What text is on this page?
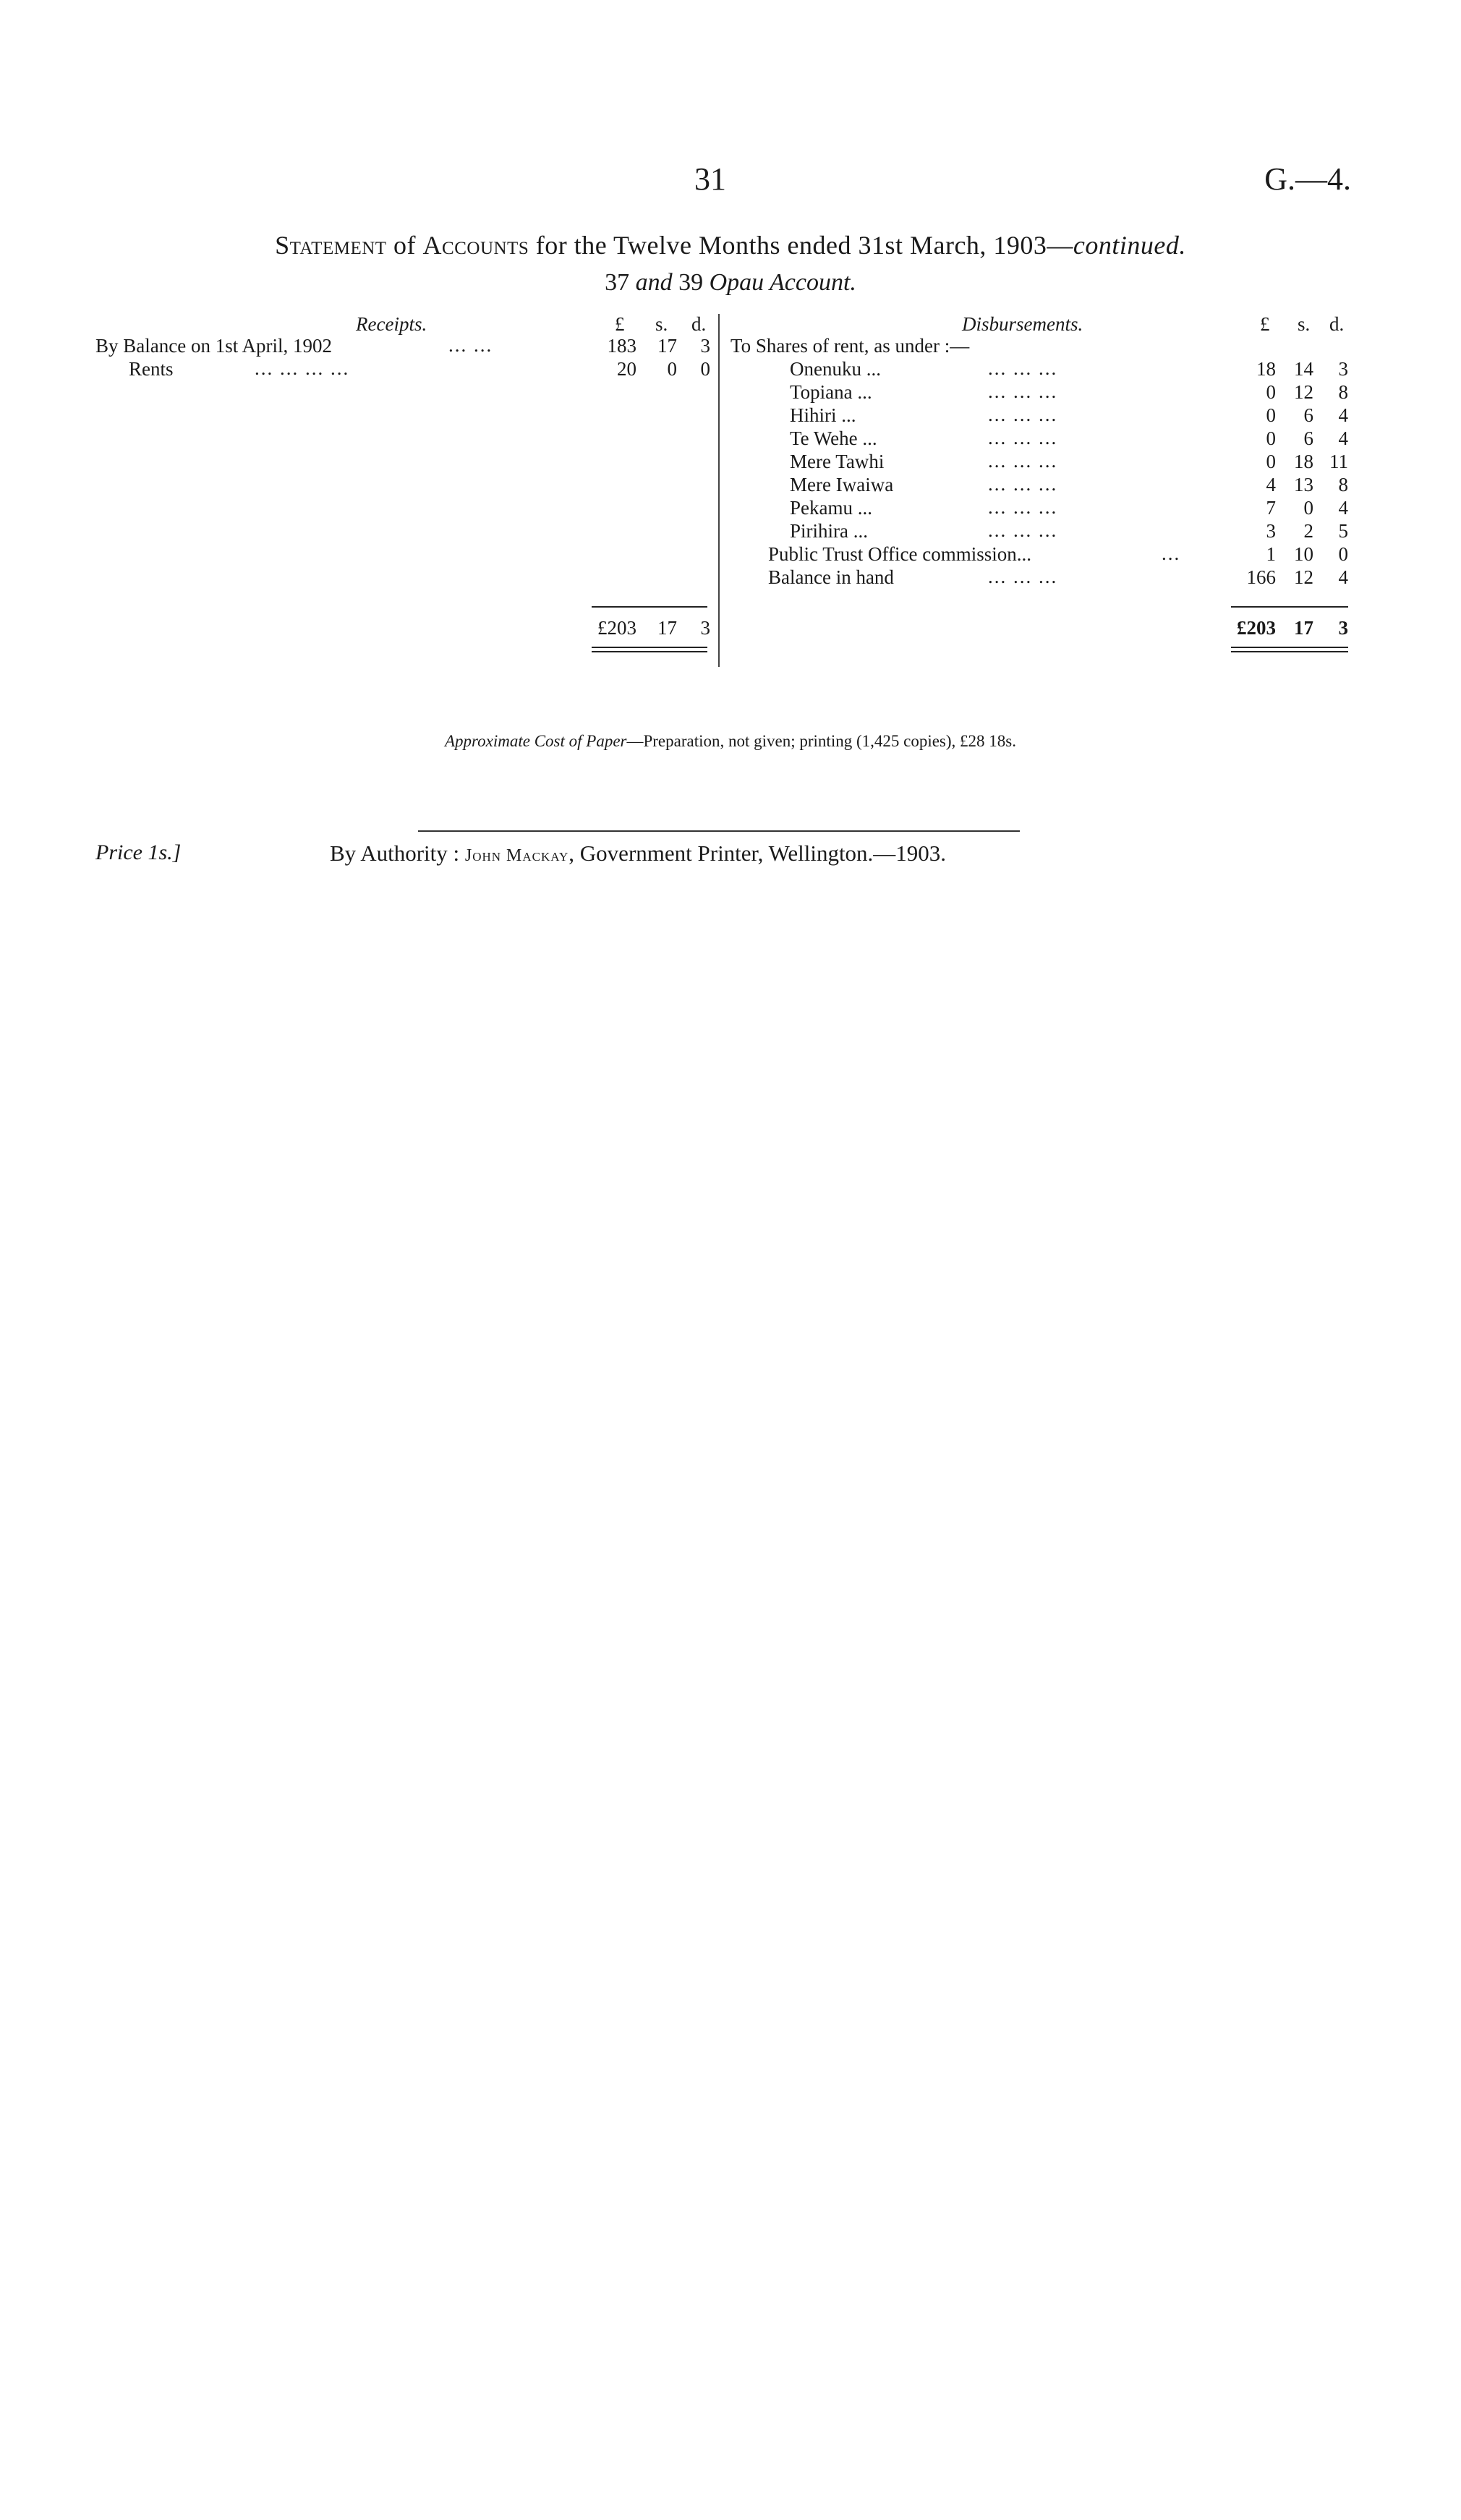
31	G.—4.
Statement of Accounts for the Twelve Months ended 31st March, 1903—continued.
37 and 39 Opau Account.
Receipts.	£ s. d.
By Balance on 1st April, 1902	... ...	183	17	3
Rents	... ... ... ...	20	0	0
£203	17	3
Disbursements.	£ s. d.
To Shares of rent, as under :—
Onenuku ...	... ... ...	18 14	3
Topiana ...	... ... ...	0 12	8
Hihiri ...	... ... ...	0	6	4
Te Wehe ...	... ... ...	0	6	4
Mere Tawhi	... ... ...	0 18 11
Mere Iwaiwa	... ... ...	4 13	8
Pekamu ...	... ... ...	7	0	4
Pirihira ...	... ... ...	3	2	5
Public Trust Office commission...	...	1 10	0
Balance in hand	... ... ...	166 12	4
£203 17	3
Approximate Cost of Paper—Preparation, not given; printing (1,425 copies), £28 18s.
Price 1s.]	By Authority : John Mackay, Government Printer, Wellington.—1903.
